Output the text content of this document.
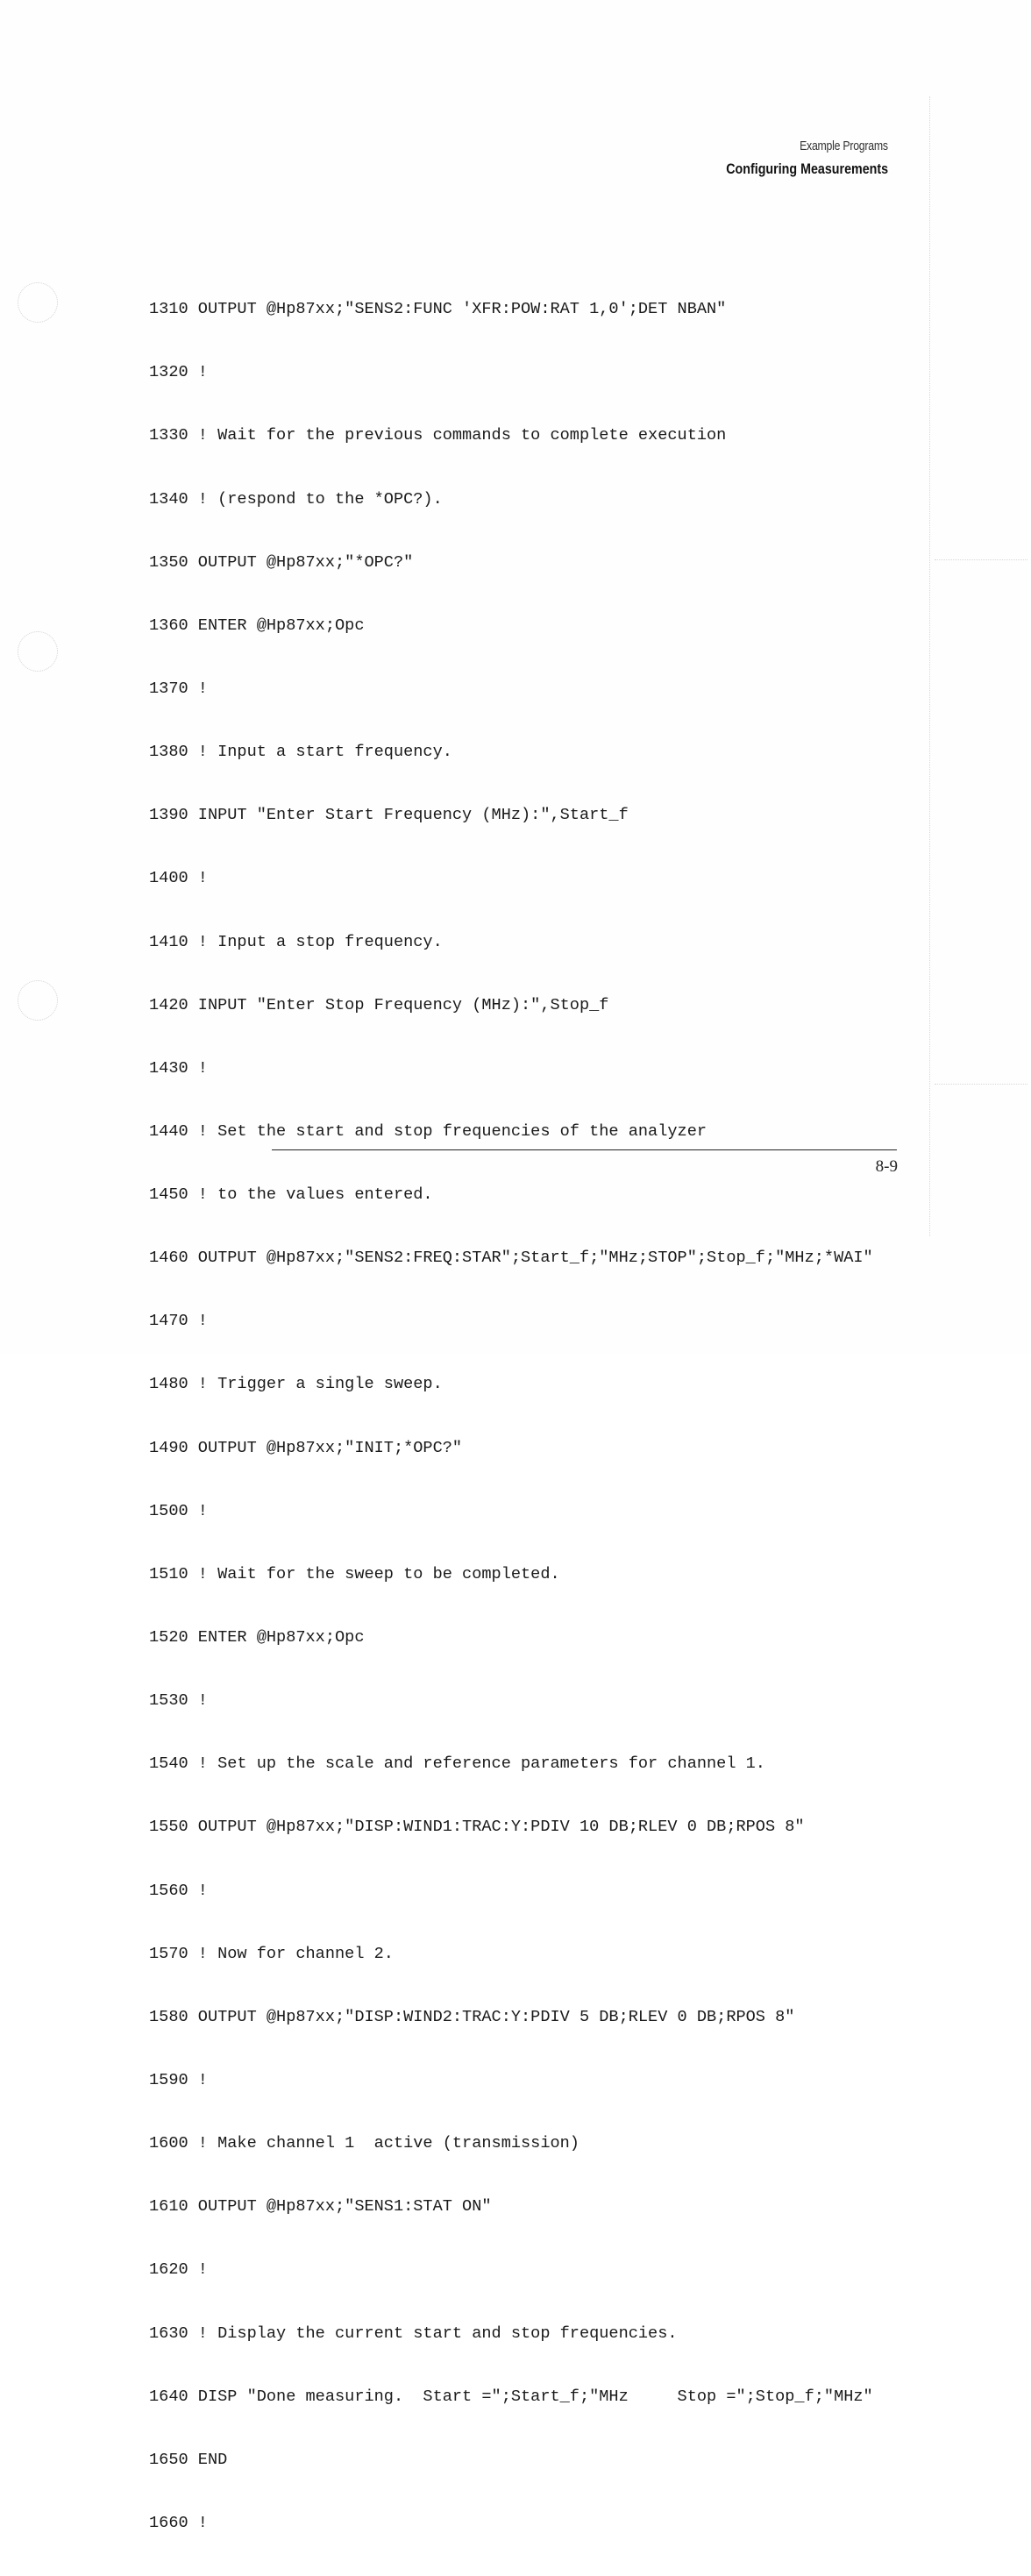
Example Programs
Configuring Measurements

1310 OUTPUT @Hp87xx;"SENS2:FUNC 'XFR:POW:RAT 1,0';DET NBAN"

1320 !

1330 ! Wait for the previous commands to complete execution

1340 ! (respond to the *OPC?).

1350 OUTPUT @Hp87xx;"*OPC?"

1360 ENTER @Hp87xx;Opc

1370 !

1380 ! Input a start frequency.

1390 INPUT "Enter Start Frequency (MHz):",Start_f

1400 !

1410 ! Input a stop frequency.

1420 INPUT "Enter Stop Frequency (MHz):",Stop_f

1430 !

1440 ! Set the start and stop frequencies of the analyzer

1450 ! to the values entered.

1460 OUTPUT @Hp87xx;"SENS2:FREQ:STAR";Start_f;"MHz;STOP";Stop_f;"MHz;*WAI"

1470 !

1480 ! Trigger a single sweep.

1490 OUTPUT @Hp87xx;"INIT;*OPC?"

1500 !

1510 ! Wait for the sweep to be completed.

1520 ENTER @Hp87xx;Opc

1530 !

1540 ! Set up the scale and reference parameters for channel 1.

1550 OUTPUT @Hp87xx;"DISP:WIND1:TRAC:Y:PDIV 10 DB;RLEV 0 DB;RPOS 8"

1560 !

1570 ! Now for channel 2.

1580 OUTPUT @Hp87xx;"DISP:WIND2:TRAC:Y:PDIV 5 DB;RLEV 0 DB;RPOS 8"

1590 !

1600 ! Make channel 1  active (transmission)

1610 OUTPUT @Hp87xx;"SENS1:STAT ON"

1620 !

1630 ! Display the current start and stop frequencies.

1640 DISP "Done measuring.  Start =";Start_f;"MHz     Stop =";Stop_f;"MHz"

1650 END

1660 !

8-9
